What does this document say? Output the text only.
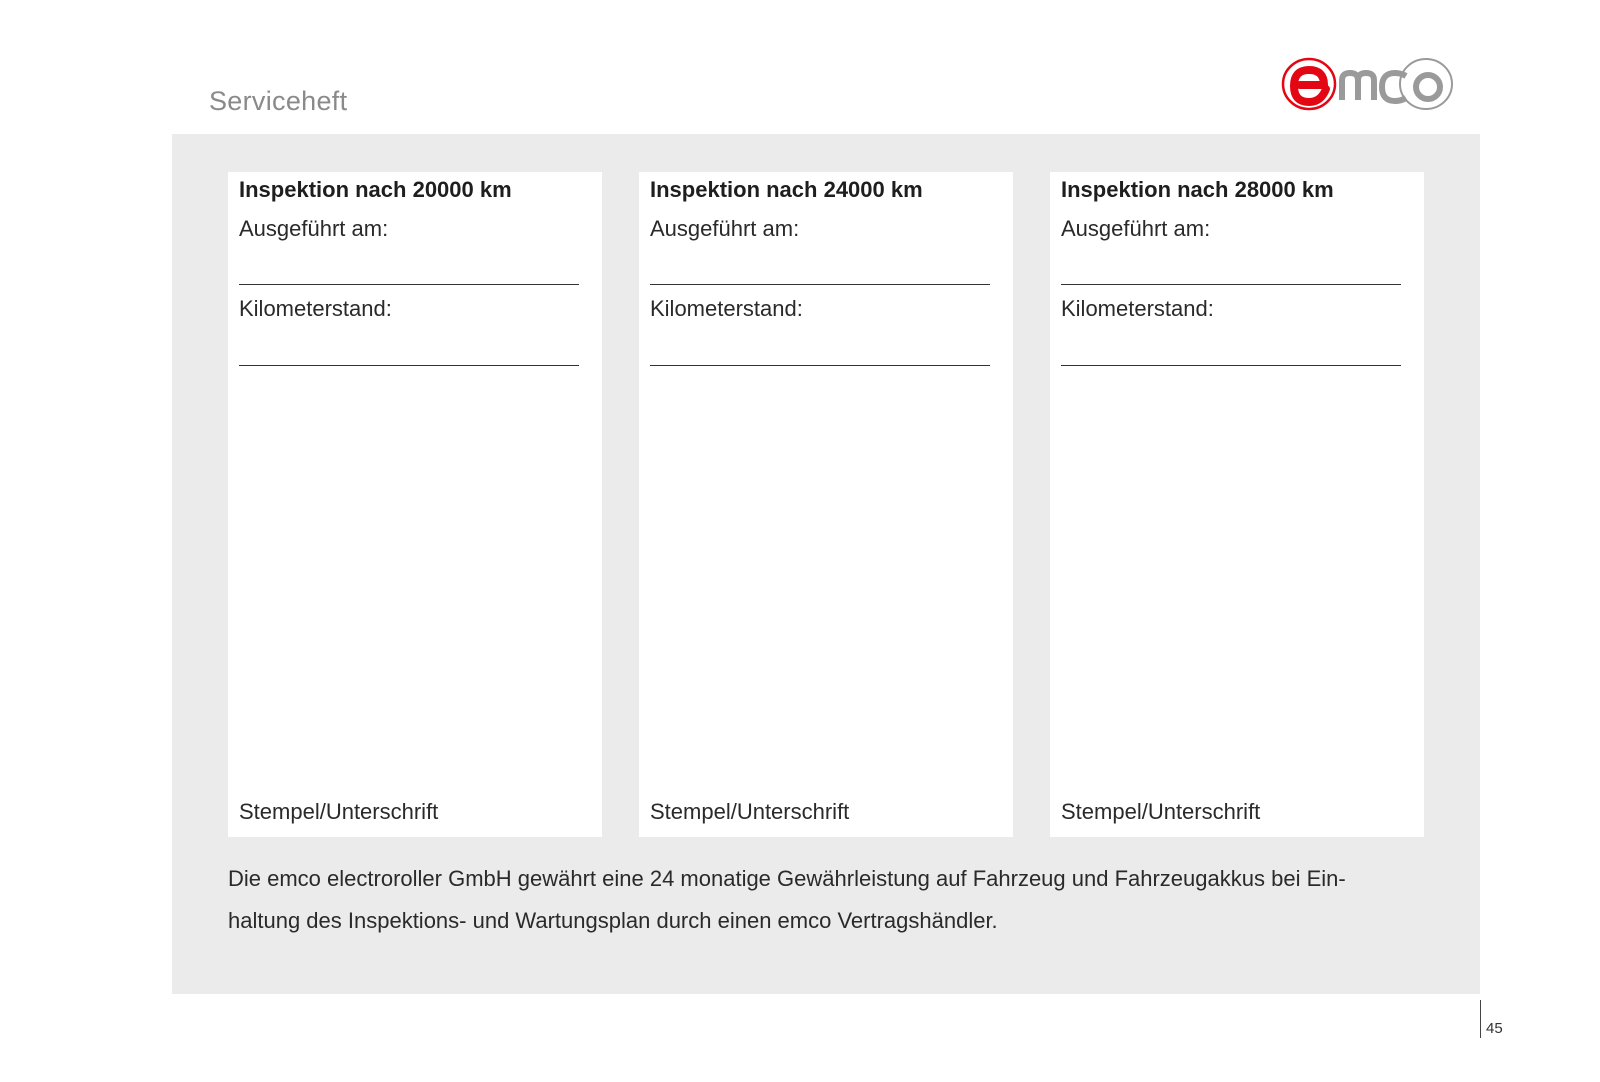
Serviceheft
Inspektion nach 20000 km
Ausgeführt am:
Kilometerstand:
Stempel/Unterschrift
Inspektion nach 24000 km
Ausgeführt am:
Kilometerstand:
Stempel/Unterschrift
Inspektion nach 28000 km
Ausgeführt am:
Kilometerstand:
Stempel/Unterschrift
Die emco electroroller GmbH gewährt eine 24 monatige Gewährleistung auf Fahrzeug und Fahrzeugakkus bei Ein-haltung des Inspektions- und Wartungsplan durch einen emco Vertragshändler.
45
